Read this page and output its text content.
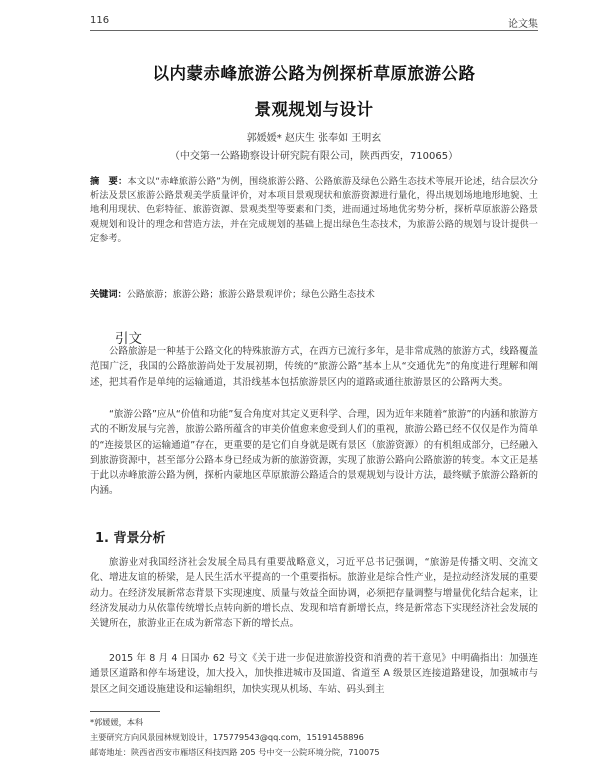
116	论文集
以内蒙赤峰旅游公路为例探析草原旅游公路
景观规划与设计
郭媛媛* 赵庆生 张奉如 王明玄
（中交第一公路勘察设计研究院有限公司，陕西西安，710065）
摘　要：本文以“赤峰旅游公路”为例，围绕旅游公路、公路旅游及绿色公路生态技术等展开论述，结合层次分析法及景区旅游公路景观美学质量评价，对本项目景观现状和旅游资源进行量化，得出规划场地地形地貌、土地利用现状、色彩特征、旅游资源、景观类型等要素和门类，进而通过场地优劣势分析，探析草原旅游公路景观规划和设计的理念和营造方法，并在完成规划的基础上提出绿色生态技术，为旅游公路的规划与设计提供一定参考。
关键词：公路旅游；旅游公路；旅游公路景观评价；绿色公路生态技术
引文
公路旅游是一种基于公路文化的特殊旅游方式，在西方已流行多年，是非常成熟的旅游方式，线路覆盖范围广泛，我国的公路旅游尚处于发展初期，传统的“旅游公路”基本上从“交通优先”的角度进行理解和阐述，把其看作是单纯的运输通道，其沿线基本包括旅游景区内的道路或通往旅游景区的公路两大类。
“旅游公路”应从“价值和功能”复合角度对其定义更科学、合理，因为近年来随着“旅游”的内涵和旅游方式的不断发展与完善，旅游公路所蕴含的审美价值愈来愈受到人们的重视，旅游公路已经不仅仅是作为简单的“连接景区的运输通道”存在，更重要的是它们自身就是既有景区（旅游资源）的有机组成部分，已经融入到旅游资源中，甚至部分公路本身已经成为新的旅游资源，实现了旅游公路向公路旅游的转变。本文正是基于此以赤峰旅游公路为例，探析内蒙地区草原旅游公路适合的景观规划与设计方法，最终赋予旅游公路新的内涵。
1. 背景分析
旅游业对我国经济社会发展全局具有重要战略意义，习近平总书记强调，“旅游是传播文明、交流文化、增进友谊的桥梁，是人民生活水平提高的一个重要指标。旅游业是综合性产业，是拉动经济发展的重要动力。在经济发展新常态背景下实现速度、质量与效益全面协调，必须把存量调整与增量优化结合起来，让经济发展动力从依靠传统增长点转向新的增长点、发现和培育新增长点，终是新常态下实现经济社会发展的关键所在，旅游业正在成为新常态下新的增长点。
2015 年 8 月 4 日国办 62 号文《关于进一步促进旅游投资和消费的若干意见》中明确指出：加强连通景区道路和停车场建设，加大投入，加快推进城市及国道、省道至 A 级景区连接道路建设，加强城市与景区之间交通设施建设和运输组织，加快实现从机场、车站、码头到主
*郭媛媛，本科
主要研究方向风景园林规划设计，175779543@qq.com，15191458896
邮寄地址：陕西省西安市雁塔区科技四路 205 号中交一公院环境分院，710075
